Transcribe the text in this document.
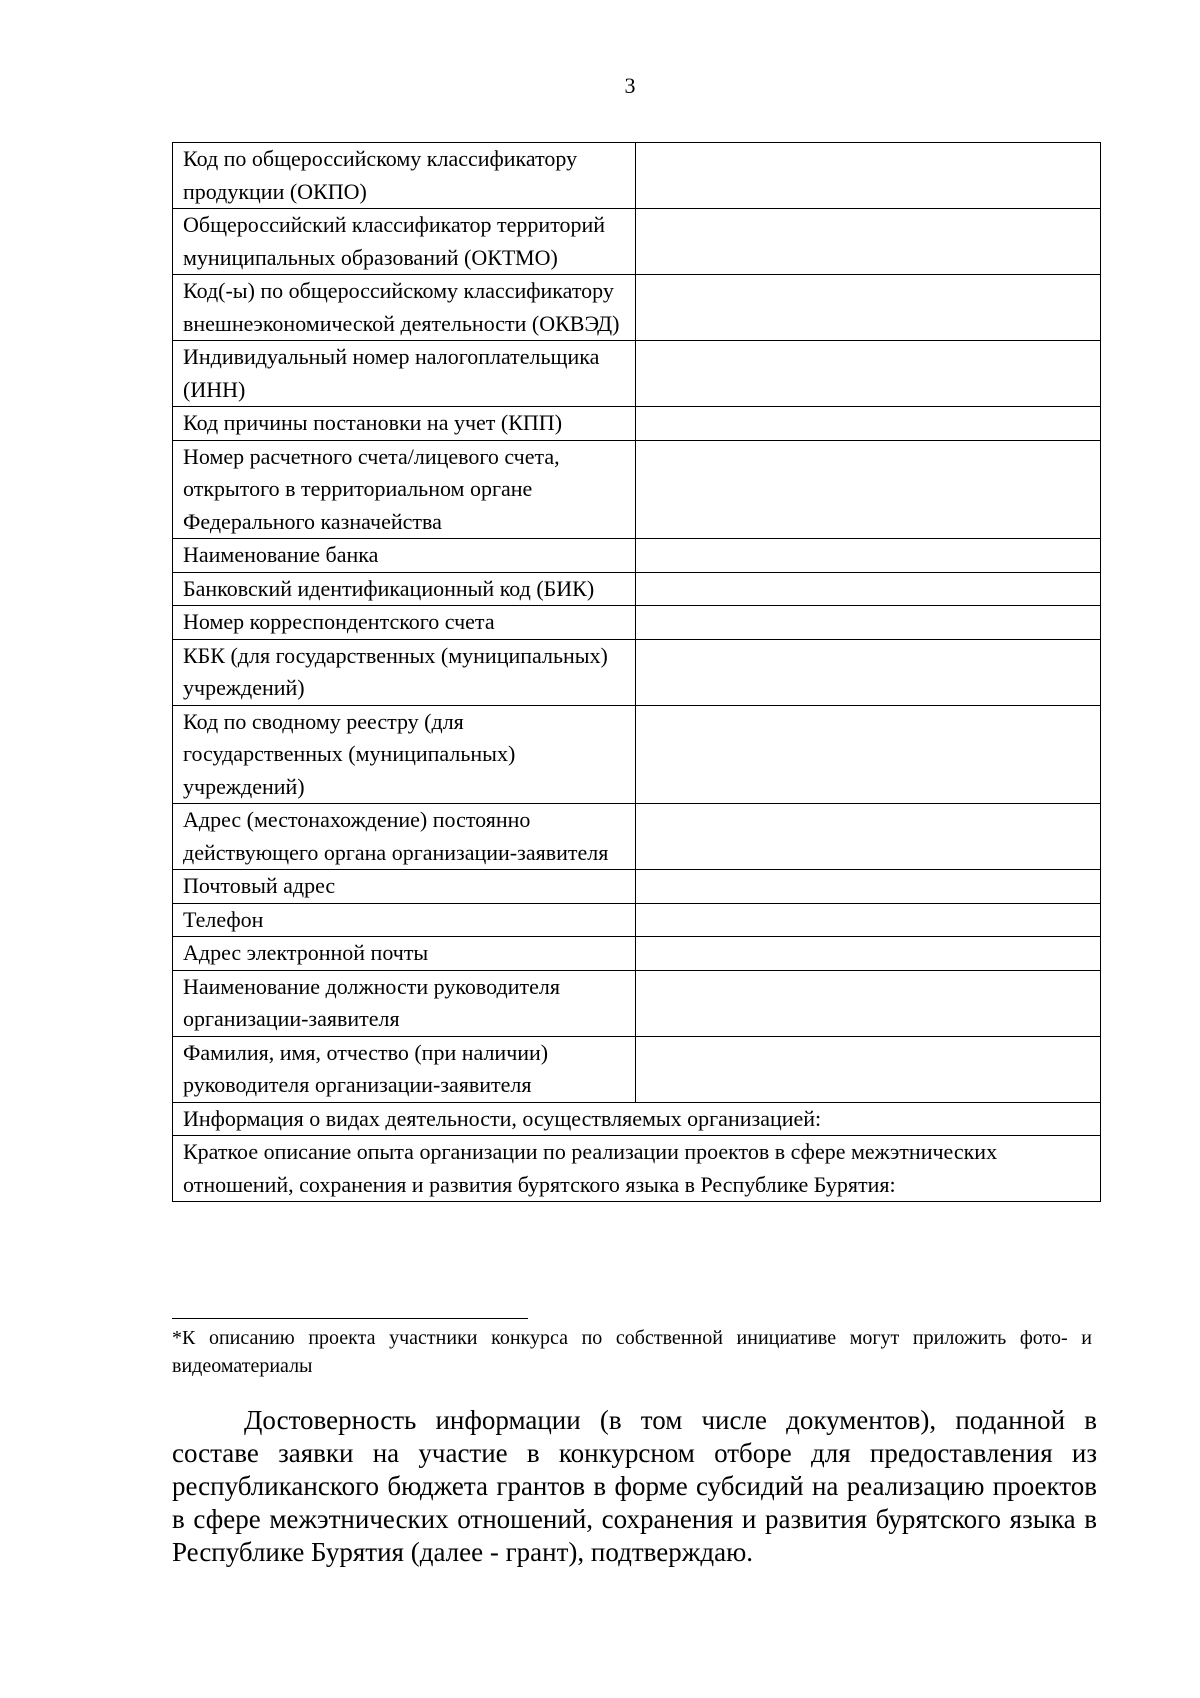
3
Код по общероссийскому классификатору продукции (ОКПО)	
Общероссийский классификатор территорий муниципальных образований (ОКТМО)	
Код(-ы) по общероссийскому классификатору внешнеэкономической деятельности (ОКВЭД)	
Индивидуальный номер налогоплательщика (ИНН)	
Код причины постановки на учет (КПП)	
Номер расчетного счета/лицевого счета, открытого в территориальном органе Федерального казначейства	
Наименование банка	
Банковский идентификационный код (БИК)	
Номер корреспондентского счета	
КБК (для государственных (муниципальных) учреждений)	
Код по сводному реестру (для государственных (муниципальных) учреждений)	
Адрес (местонахождение) постоянно действующего органа организации-заявителя	
Почтовый адрес	
Телефон	
Адрес электронной почты	
Наименование должности руководителя организации-заявителя	
Фамилия, имя, отчество (при наличии) руководителя организации-заявителя	
Информация о видах деятельности, осуществляемых организацией:	
Краткое описание опыта организации по реализации проектов в сфере межэтнических отношений, сохранения и развития бурятского языка в Республике Бурятия:	
*К описанию проекта участники конкурса по собственной инициативе могут приложить фото- и видеоматериалы
Достоверность информации (в том числе документов), поданной в составе заявки на участие в конкурсном отборе для предоставления из республиканского бюджета грантов в форме субсидий на реализацию проектов в сфере межэтнических отношений, сохранения и развития бурятского языка в Республике Бурятия (далее - грант), подтверждаю.
